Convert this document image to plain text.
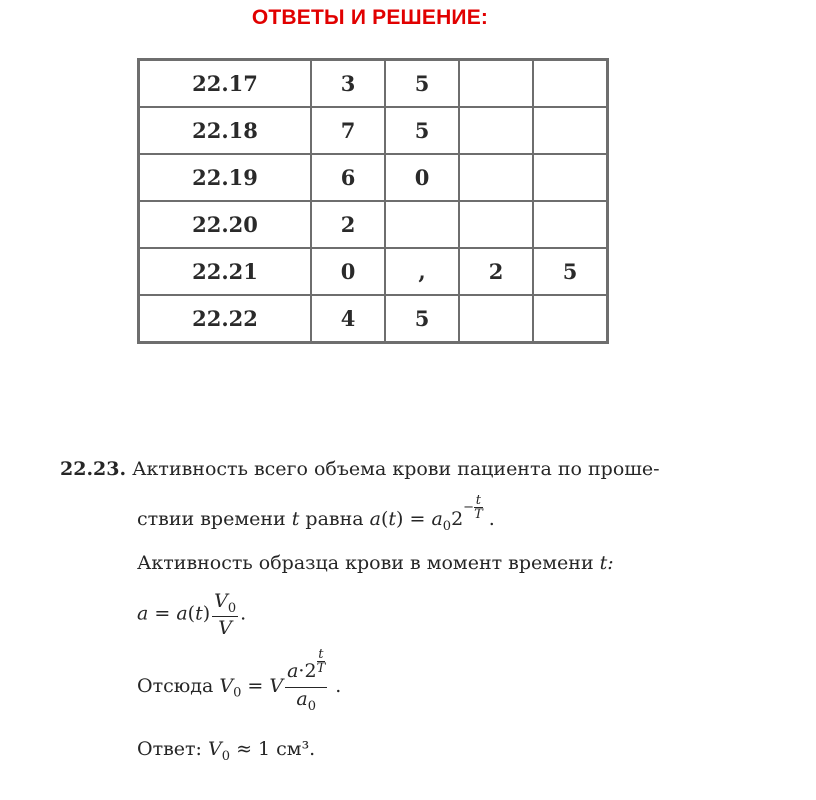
ОТВЕТЫ И РЕШЕНИЕ:
22.17	3	5		
22.18	7	5		
22.19	6	0		
22.20	2			
22.21	0	,	2	5
22.22	4	5		
22.23. Активность всего объема крови пациента по проше-
ствии времени t равна $a(t) = a_02- \frac{t}{T}$ .
Активность образца крови в момент времени t:
$a = a(t) \frac{V_0}{V}$ .
Отсюда $V_0 = V \frac{a\cdot 2 \frac{t}{T}}{a_0}$ .
Ответ: $V_0 \approx 1$ см³.
